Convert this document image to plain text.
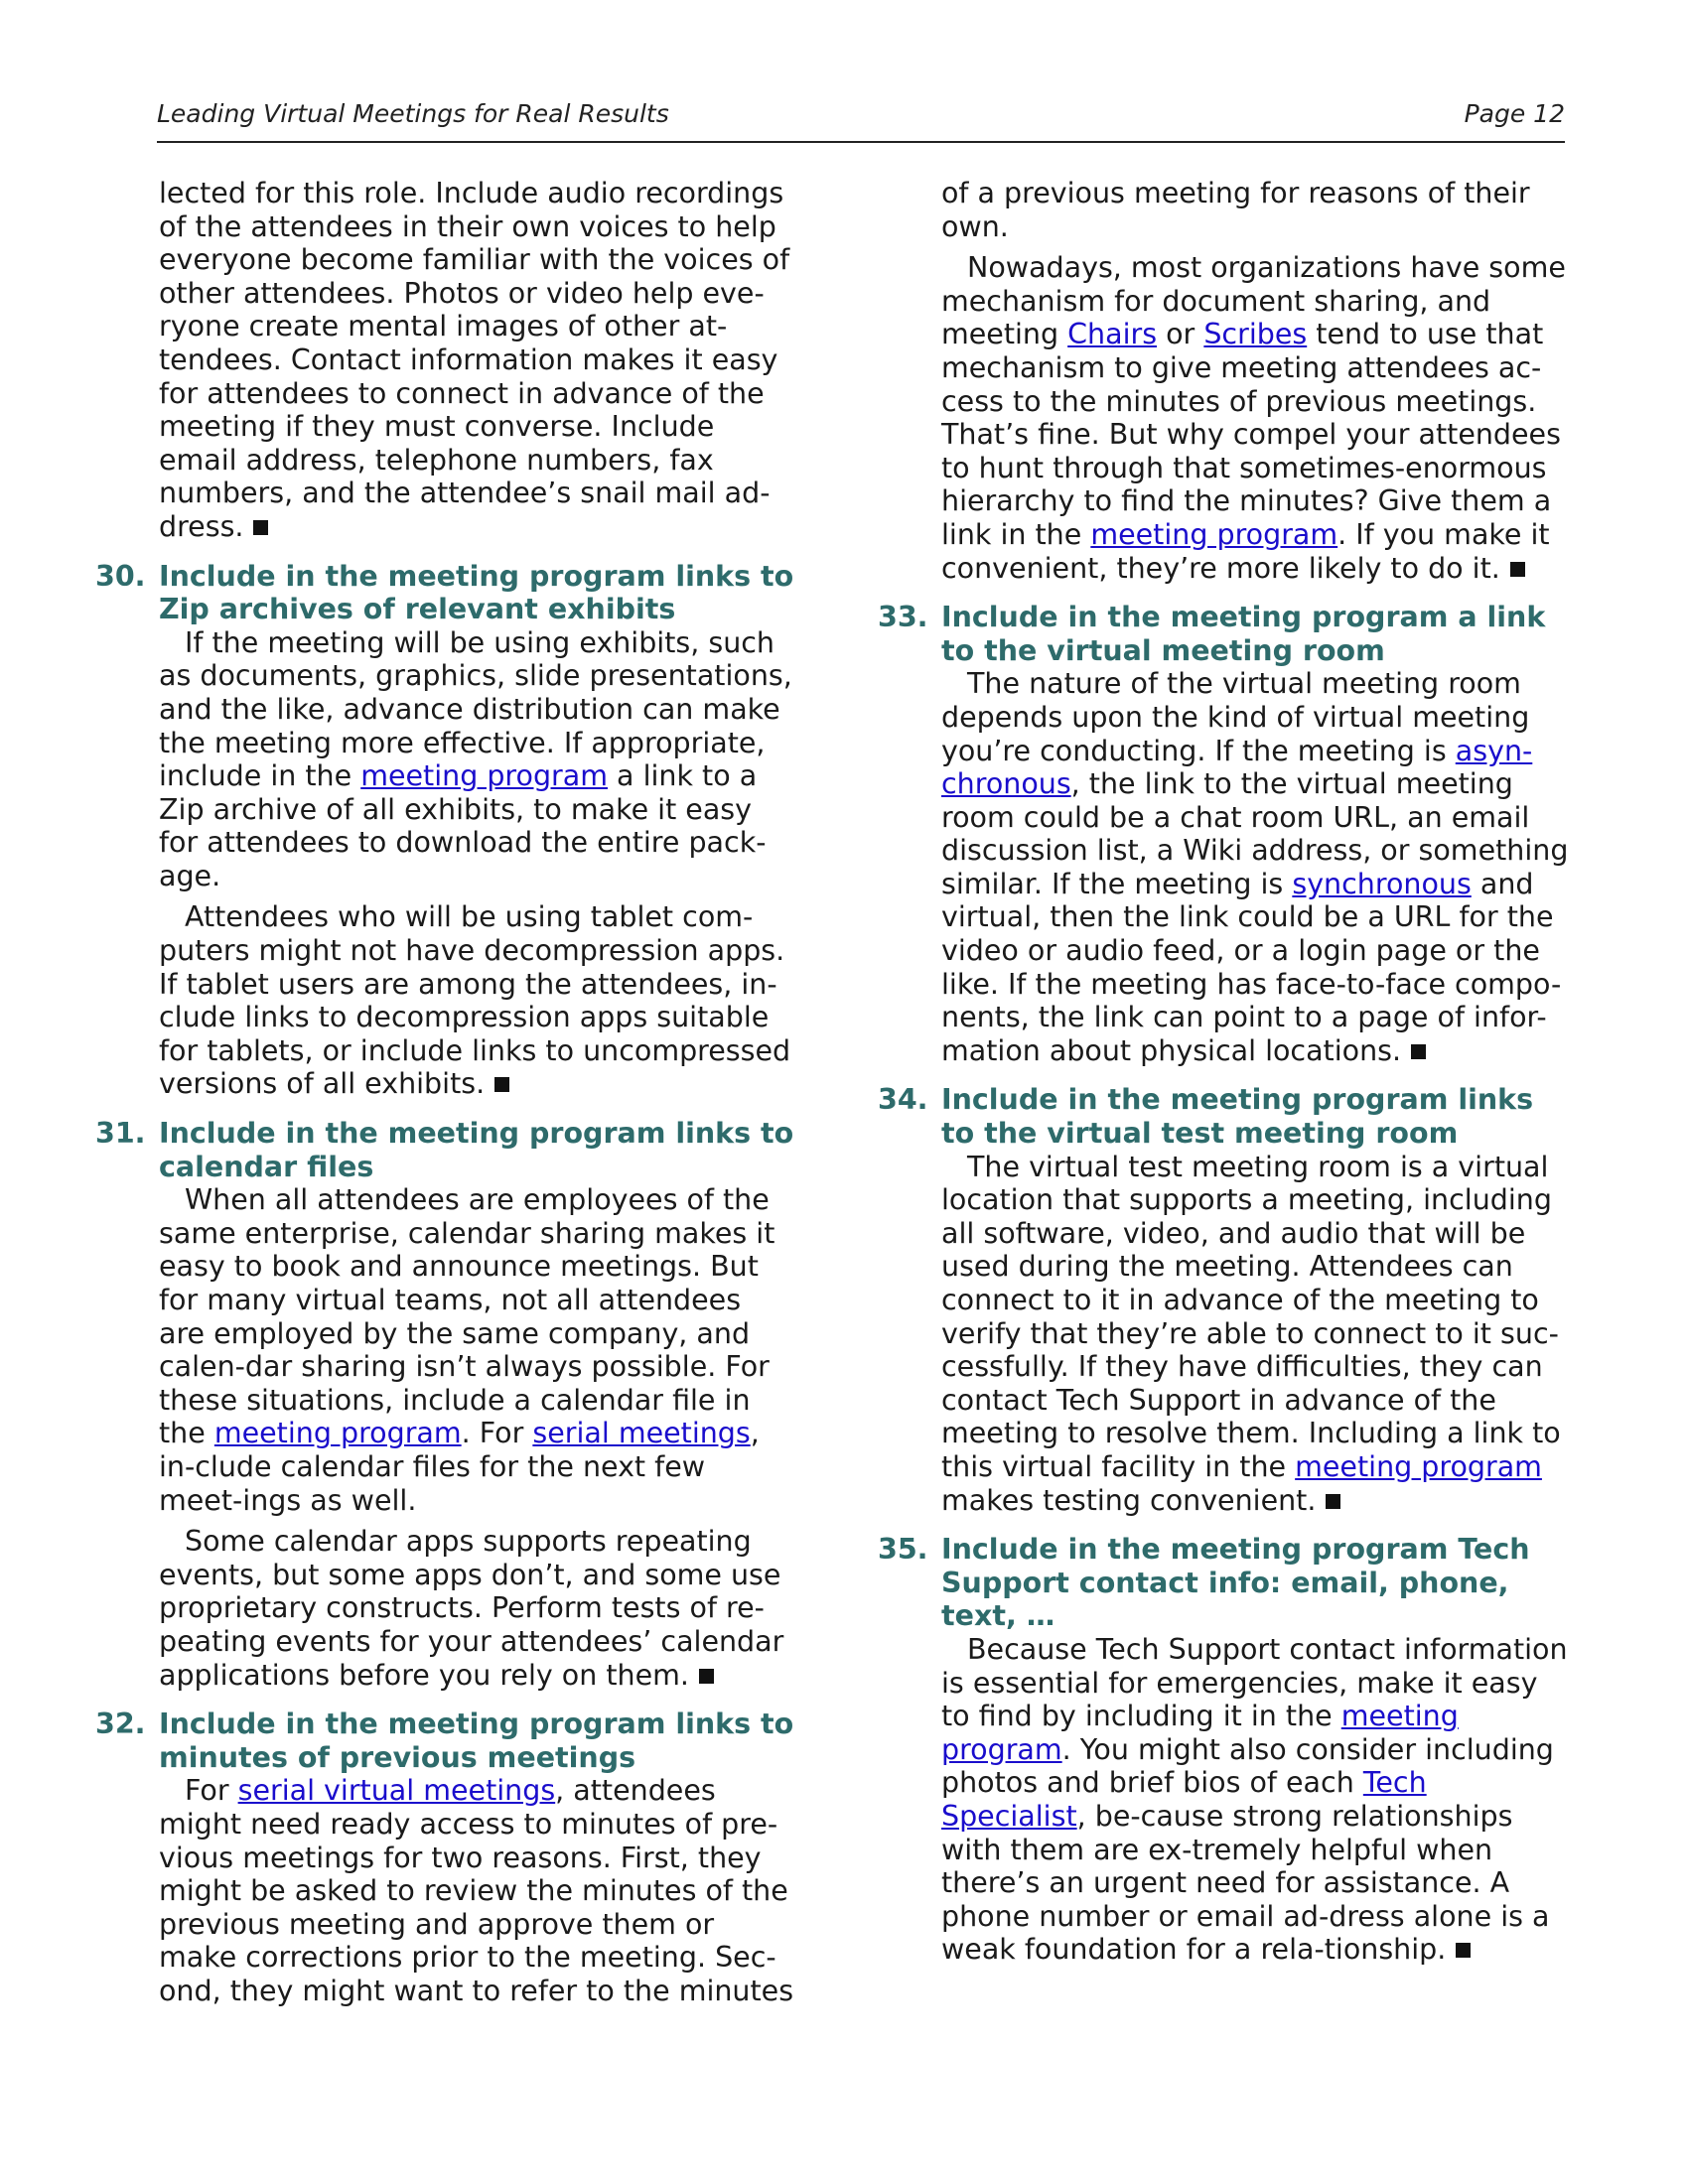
Leading Virtual Meetings for Real Results	Page 12

lected for this role. Include audio recordings of the attendees in their own voices to help everyone become familiar with the voices of other attendees. Photos or video help eve-ryone create mental images of other at-tendees. Contact information makes it easy for attendees to connect in advance of the meeting if they must converse. Include email address, telephone numbers, fax numbers, and the attendee’s snail mail ad-dress.

30. Include in the meeting program links to Zip archives of relevant exhibits

If the meeting will be using exhibits, such as documents, graphics, slide presentations, and the like, advance distribution can make the meeting more effective. If appropriate, include in the meeting program a link to a Zip archive of all exhibits, to make it easy for attendees to download the entire pack-age.

Attendees who will be using tablet com-puters might not have decompression apps. If tablet users are among the attendees, in-clude links to decompression apps suitable for tablets, or include links to uncompressed versions of all exhibits.

31. Include in the meeting program links to calendar files

When all attendees are employees of the same enterprise, calendar sharing makes it easy to book and announce meetings. But for many virtual teams, not all attendees are employed by the same company, and calen-dar sharing isn’t always possible. For these situations, include a calendar file in the meeting program. For serial meetings, in-clude calendar files for the next few meet-ings as well.

Some calendar apps supports repeating events, but some apps don’t, and some use proprietary constructs. Perform tests of re-peating events for your attendees’ calendar applications before you rely on them.

32. Include in the meeting program links to minutes of previous meetings

For serial virtual meetings, attendees might need ready access to minutes of pre-vious meetings for two reasons. First, they might be asked to review the minutes of the previous meeting and approve them or make corrections prior to the meeting. Sec-ond, they might want to refer to the minutes

of a previous meeting for reasons of their own.

Nowadays, most organizations have some mechanism for document sharing, and meeting Chairs or Scribes tend to use that mechanism to give meeting attendees ac-cess to the minutes of previous meetings. That’s fine. But why compel your attendees to hunt through that sometimes-enormous hierarchy to find the minutes? Give them a link in the meeting program. If you make it convenient, they’re more likely to do it.

33. Include in the meeting program a link to the virtual meeting room

The nature of the virtual meeting room depends upon the kind of virtual meeting you’re conducting. If the meeting is asyn-chronous, the link to the virtual meeting room could be a chat room URL, an email discussion list, a Wiki address, or something similar. If the meeting is synchronous and virtual, then the link could be a URL for the video or audio feed, or a login page or the like. If the meeting has face-to-face compo-nents, the link can point to a page of infor-mation about physical locations.

34. Include in the meeting program links to the virtual test meeting room

The virtual test meeting room is a virtual location that supports a meeting, including all software, video, and audio that will be used during the meeting. Attendees can connect to it in advance of the meeting to verify that they’re able to connect to it suc-cessfully. If they have difficulties, they can contact Tech Support in advance of the meeting to resolve them. Including a link to this virtual facility in the meeting program makes testing convenient.

35. Include in the meeting program Tech Support contact info: email, phone, text, …

Because Tech Support contact information is essential for emergencies, make it easy to find by including it in the meeting program. You might also consider including photos and brief bios of each Tech Specialist, be-cause strong relationships with them are ex-tremely helpful when there’s an urgent need for assistance. A phone number or email ad-dress alone is a weak foundation for a rela-tionship.
